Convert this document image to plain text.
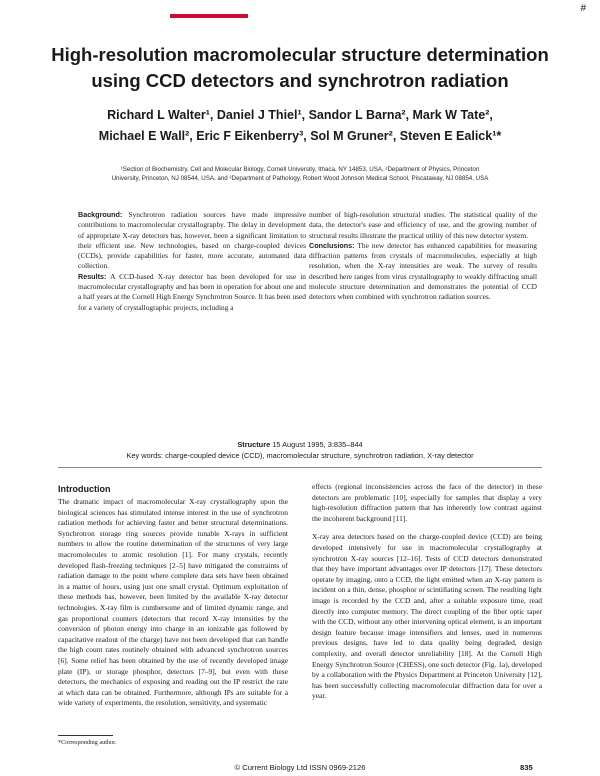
#
High-resolution macromolecular structure determination
using CCD detectors and synchrotron radiation
Richard L Walter¹, Daniel J Thiel¹, Sandor L Barna², Mark W Tate²,
Michael E Wall², Eric F Eikenberry³, Sol M Gruner², Steven E Ealick¹*
¹Section of Biochemistry, Cell and Molecular Biology, Cornell University, Ithaca, NY 14853, USA, ²Department of Physics, Princeton
University, Princeton, NJ 08544, USA, and ³Department of Pathology, Robert Wood Johnson Medical School, Piscataway, NJ 08854, USA
Background: Synchrotron radiation sources have made impressive contributions to macromolecular crystallography. The delay in development of appropriate X-ray detectors has, however, been a significant limitation to their efficient use. New technologies, based on charge-coupled devices (CCDs), provide capabilities for faster, more accurate, automated data collection.
Results: A CCD-based X-ray detector has been developed for use in macromolecular crystallography and has been in operation for about one and a half years at the Cornell High Energy Synchrotron Source. It has been used for a variety of crystallographic projects, including a
number of high-resolution structural studies. The statistical quality of the data, the detector's ease and efficiency of use, and the growing number of structural results illustrate the practical utility of this new detector system.
Conclusions: The new detector has enhanced capabilities for measuring diffraction patterns from crystals of macromolecules, especially at high resolution, when the X-ray intensities are weak. The survey of results described here ranges from virus crystallography to weakly diffracting small molecule structure determination and demonstrates the potential of CCD detectors when combined with synchrotron radiation sources.
Structure 15 August 1995, 3:835–844
Key words: charge-coupled device (CCD), macromolecular structure, synchrotron radiation, X-ray detector
Introduction

The dramatic impact of macromolecular X-ray crystallography upon the biological sciences has stimulated intense interest in the use of synchrotron radiation methods for achieving faster and better structural determinations. Synchrotron storage ring sources provide tunable X-rays in sufficient numbers to allow the routine determination of the structures of very large macromolecules to atomic resolution [1]. For many crystals, recently developed flash-freezing techniques [2–5] have mitigated the constraints of radiation damage to the point where complete data sets have been obtained in a matter of hours, using just one small crystal. Optimum exploitation of these methods has, however, been limited by the available X-ray detector technologies. X-ray film is cumbersome and of limited dynamic range, and gas proportional counters (detectors that record X-ray intensities by the conversion of photon energy into charge in an ionizable gas followed by capacitative readout of the charge) have not been developed that can handle the high count rates routinely obtained with advanced synchrotron sources [6]. Some relief has been obtained by the use of recently developed image plate (IP), or storage phosphor, detectors [7–9], but even with these detectors, the mechanics of exposing and reading out the IP restrict the rate at which data can be obtained. Furthermore, although IPs are suitable for a wide variety of experiments, the resolution, sensitivity, and systematic

effects (regional inconsistencies across the face of the detector) in these detectors are problematic [10], especially for samples that display a very high-resolution diffraction pattern that has inherently low contrast against the incoherent background [11].

X-ray area detectors based on the charge-coupled device (CCD) are being developed intensively for use in macromolecular crystallography at synchrotron X-ray sources [12–16]. Tests of CCD detectors demonstrated that they have important advantages over IP detectors [17]. These detectors operate by imaging, onto a CCD, the light emitted when an X-ray pattern is incident on a thin, dense, phosphor or scintillating screen. The resulting light image is recorded by the CCD and, after a suitable exposure time, read directly into computer memory. The direct coupling of the fiber optic taper with the CCD, without any other intervening optical element, is an important design feature because image intensifiers and lenses, used in numerous previous designs, have led to data quality being degraded, design complexity, and overall detector unreliability [18]. At the Cornell High Energy Synchrotron Source (CHESS), one such detector (Fig. 1a), developed by a collaboration with the Physics Department at Princeton University [12], has been successfully collecting macromolecular diffraction data for over a year.

*Corresponding author.
© Current Biology Ltd ISSN 0969-2126	835
